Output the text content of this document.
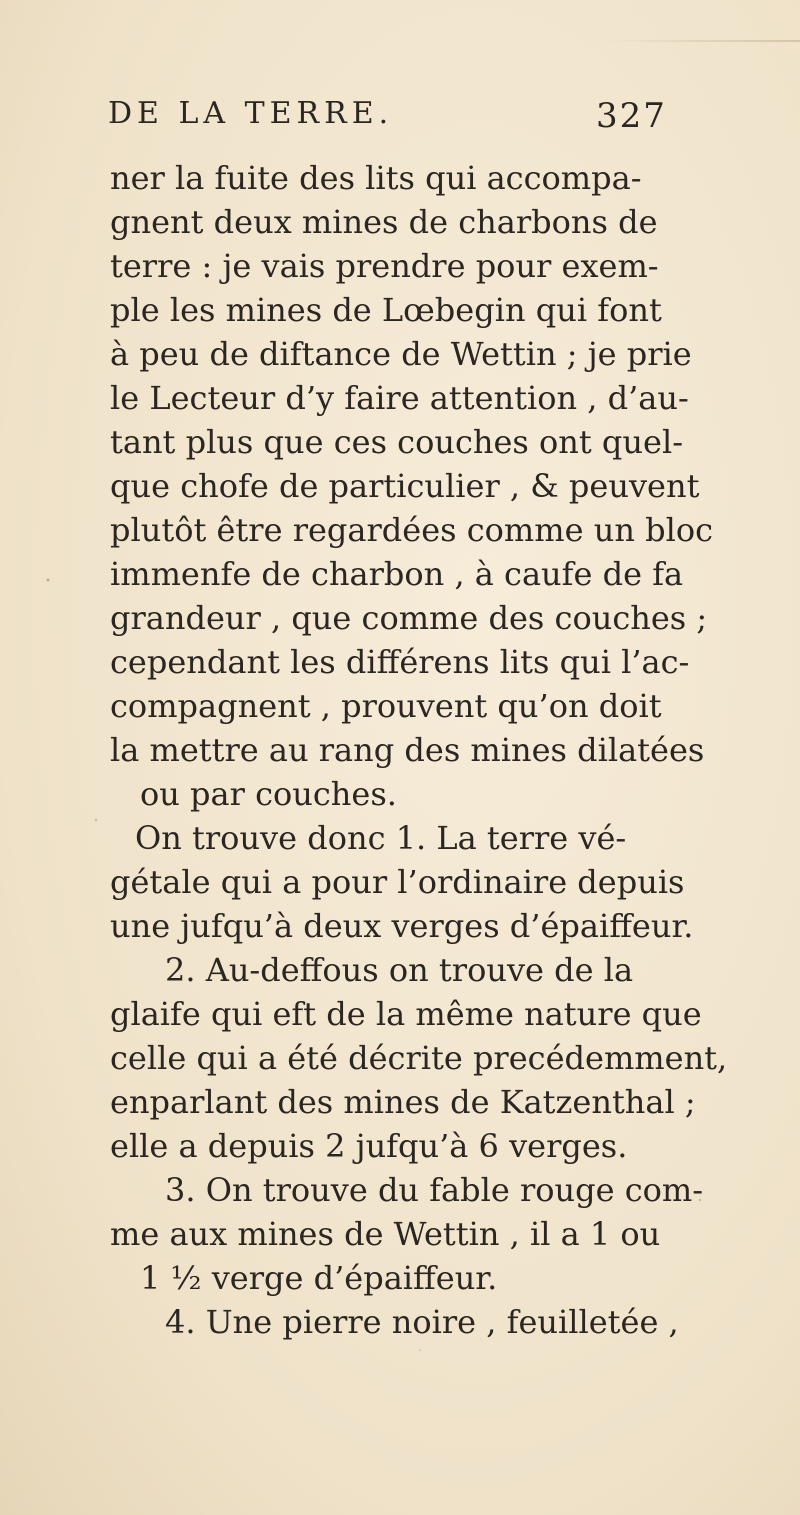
DE LA TERRE.	327
ner la fuite des lits qui accompa-
gnent deux mines de charbons de
terre : je vais prendre pour exem-
ple les mines de Lœbegin qui font
à peu de diftance de Wettin ; je prie
le Lecteur d’y faire attention , d’au-
tant plus que ces couches ont quel-
que chofe de particulier , & peuvent
plutôt être regardées comme un bloc
immenfe de charbon , à caufe de fa
grandeur , que comme des couches ;
cependant les différens lits qui l’ac-
compagnent , prouvent qu’on doit
la mettre au rang des mines dilatées
ou par couches.
On trouve donc 1. La terre vé-
gétale qui a pour l’ordinaire depuis
une jufqu’à deux verges d’épaiffeur.
2. Au-deffous on trouve de la
glaife qui eft de la même nature que
celle qui a été décrite precédemment,
enparlant des mines de Katzenthal ;
elle a depuis 2 jufqu’à 6 verges.
3. On trouve du fable rouge com-
me aux mines de Wettin , il a 1 ou
1 ½ verge d’épaiffeur.
4. Une pierre noire , feuilletée ,
